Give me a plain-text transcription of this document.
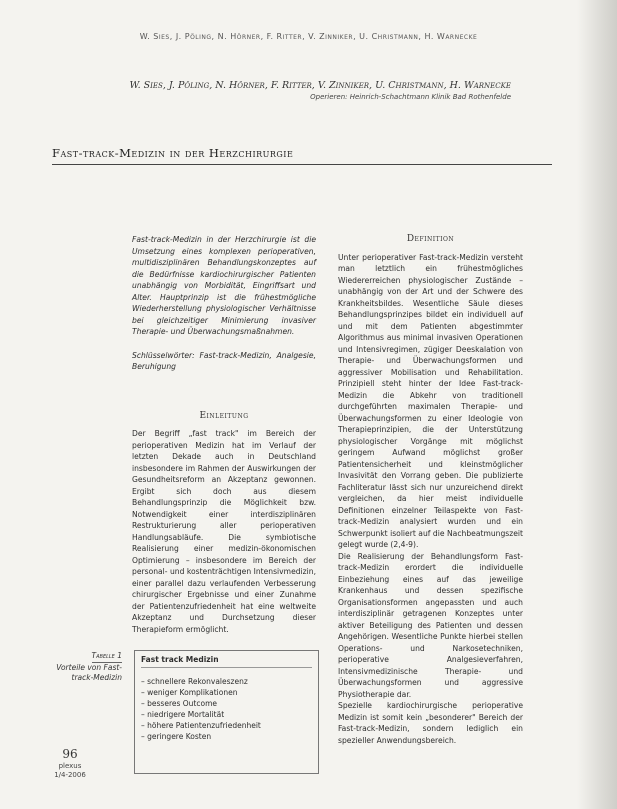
W. Sies, J. Pöling, N. Hörner, F. Ritter, V. Zinniker, U. Christmann, H. Warnecke
W. Sies, J. Pöling, N. Hörner, F. Ritter, V. Zinniker, U. Christmann, H. Warnecke
Operieren: Heinrich-Schachtmann Klinik Bad Rothenfelde
Fast-track-Medizin in der Herzchirurgie

Fast-track-Medizin in der Herzchirurgie ist die Umsetzung eines komplexen perioperativen, multidisziplinären Behandlungskonzeptes auf die Bedürfnisse kardiochirurgischer Patienten unabhängig von Morbidität, Eingriffsart und Alter. Hauptprinzip ist die frühestmögliche Wiederherstellung physiologischer Verhältnisse bei gleichzeitiger Minimierung invasiver Therapie- und Überwachungsmaßnahmen.

Schlüsselwörter: Fast-track-Medizin, Analgesie, Beruhigung

Einleitung

Der Begriff „fast track" im Bereich der perioperativen Medizin hat im Verlauf der letzten Dekade auch in Deutschland insbesondere im Rahmen der Auswirkungen der Gesundheitsreform an Akzeptanz gewonnen. Ergibt sich doch aus diesem Behandlungsprinzip die Möglichkeit bzw. Notwendigkeit einer interdisziplinären Restrukturierung aller perioperativen Handlungsabläufe. Die symbiotische Realisierung einer medizin-ökonomischen Optimierung – insbesondere im Bereich der personal- und kostenträchtigen Intensivmedizin, einer parallel dazu verlaufenden Verbesserung chirurgischer Ergebnisse und einer Zunahme der Patientenzufriedenheit hat eine weltweite Akzeptanz und Durchsetzung dieser Therapieform ermöglicht.

Definition

Unter perioperativer Fast-track-Medizin versteht man letztlich ein frühestmögliches Wiedererreichen physiologischer Zustände – unabhängig von der Art und der Schwere des Krankheitsbildes. Wesentliche Säule dieses Behandlungsprinzipes bildet ein individuell auf und mit dem Patienten abgestimmter Algorithmus aus minimal invasiven Operationen und Intensivregimen, zügiger Deeskalation von Therapie- und Überwachungsformen und aggressiver Mobilisation und Rehabilitation. Prinzipiell steht hinter der Idee Fast-track-Medizin die Abkehr von traditionell durchgeführten maximalen Therapie- und Überwachungsformen zu einer Ideologie von Therapieprinzipien, die der Unterstützung physiologischer Vorgänge mit möglichst geringem Aufwand möglichst großer Patientensicherheit und kleinstmöglicher Invasivität den Vorrang geben. Die publizierte Fachliteratur lässt sich nur unzureichend direkt vergleichen, da hier meist individuelle Definitionen einzelner Teilaspekte von Fast-track-Medizin analysiert wurden und ein Schwerpunkt isoliert auf die Nachbeatmungszeit gelegt wurde (2,4-9).

Die Realisierung der Behandlungsform Fast-track-Medizin erordert die individuelle Einbeziehung eines auf das jeweilige Krankenhaus und dessen spezifische Organisationsformen angepassten und auch interdisziplinär getragenen Konzeptes unter aktiver Beteiligung des Patienten und dessen Angehörigen. Wesentliche Punkte hierbei stellen Operations- und Narkosetechniken, perioperative Analgesieverfahren, Intensivmedizinische Therapie- und Überwachungsformen und aggressive Physiotherapie dar.

Spezielle kardiochirurgische perioperative Medizin ist somit kein „besonderer" Bereich der Fast-track-Medizin, sondern lediglich ein spezieller Anwendungsbereich.

Tabelle 1
Vorteile von Fast-track-Medizin
Fast track Medizin
– schnellere Rekonvaleszenz
– weniger Komplikationen
– besseres Outcome
– niedrigere Mortalität
– höhere Patientenzufriedenheit
– geringere Kosten
96
plexus
1/4-2006
